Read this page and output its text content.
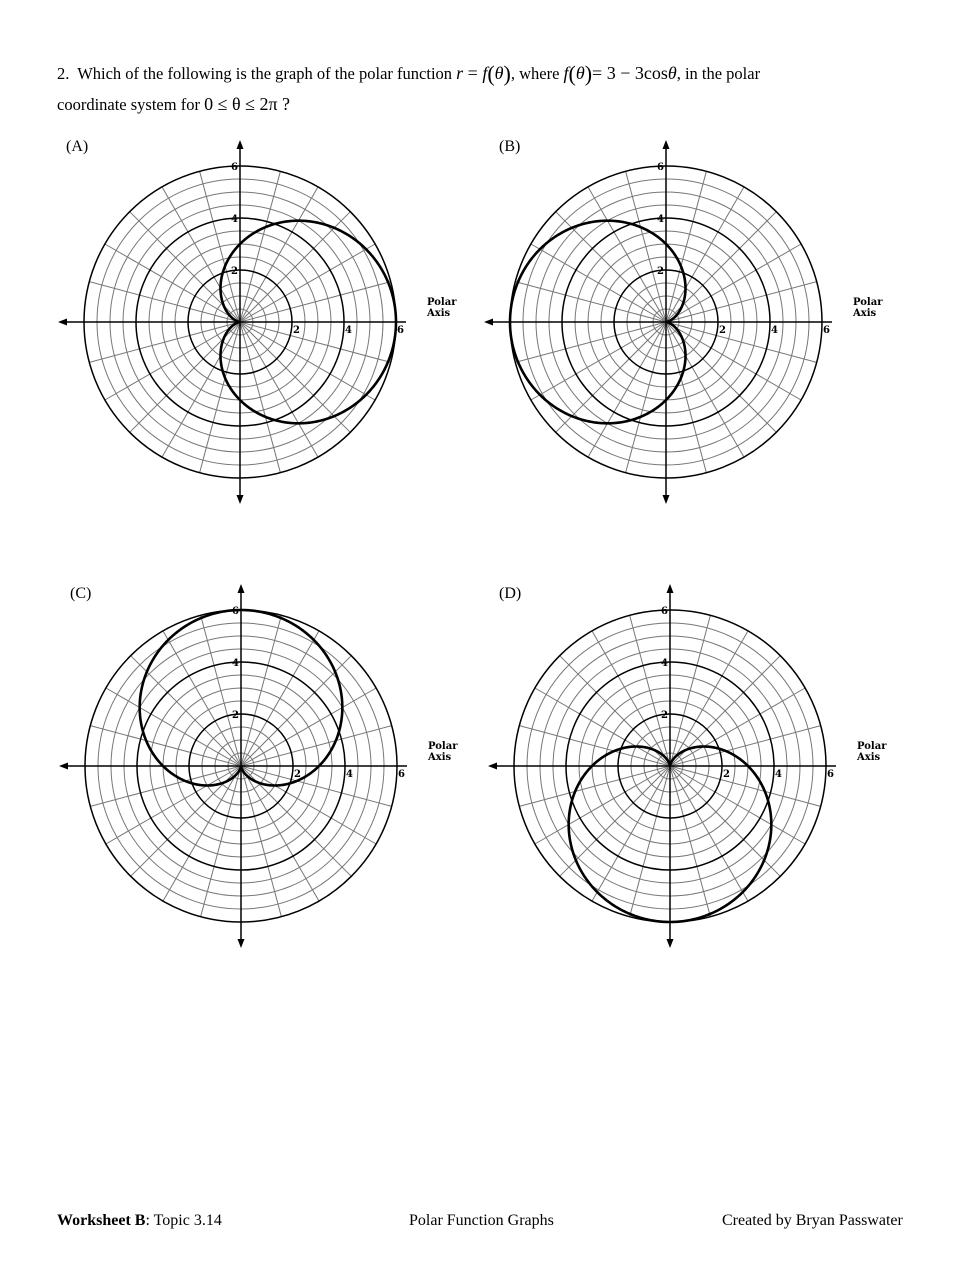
2. Which of the following is the graph of the polar function r = f(θ), where f(θ)= 3 − 3cosθ, in the polar
coordinate system for 0 ≤ θ ≤ 2π ?
(A)	(B)
(C)	(D)
2	4	6
2
4
6
Polar
Axis
2	4	6
2
4
6
Polar
Axis
2	4	6
2
4
6
Polar
Axis
2	4	6
2
4
6
Polar
Axis
Worksheet B: Topic 3.14	Polar Function Graphs	Created by Bryan Passwater
